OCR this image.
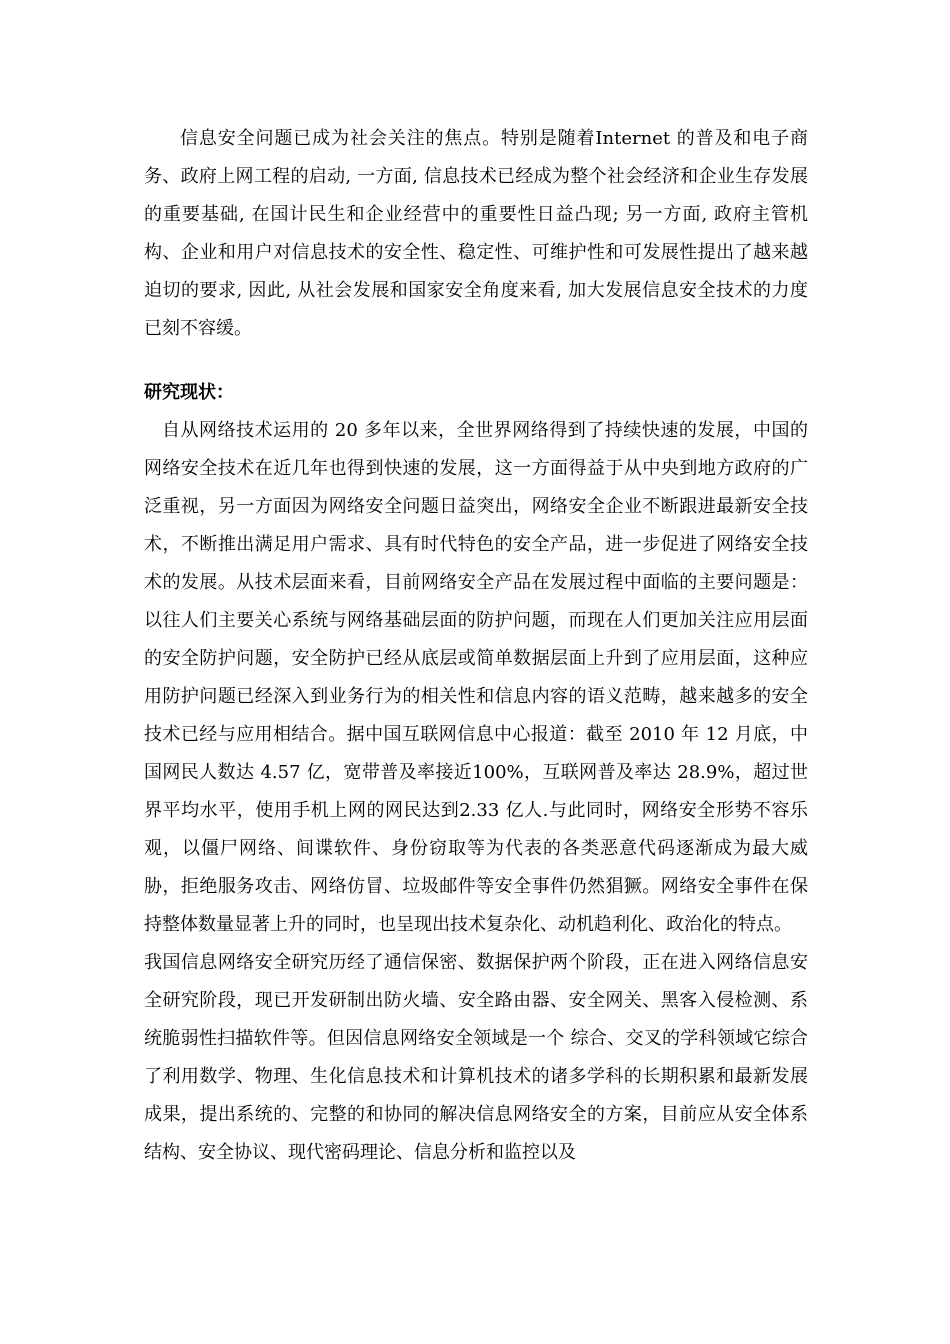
信息安全问题已成为社会关注的焦点。特别是随着Internet 的普及和电子商务、政府上网工程的启动, 一方面, 信息技术已经成为整个社会经济和企业生存发展的重要基础, 在国计民生和企业经营中的重要性日益凸现; 另一方面, 政府主管机构、企业和用户对信息技术的安全性、稳定性、可维护性和可发展性提出了越来越迫切的要求, 因此, 从社会发展和国家安全角度来看, 加大发展信息安全技术的力度已刻不容缓。

研究现状：

自从网络技术运用的 20 多年以来，全世界网络得到了持续快速的发展，中国的网络安全技术在近几年也得到快速的发展，这一方面得益于从中央到地方政府的广泛重视，另一方面因为网络安全问题日益突出，网络安全企业不断跟进最新安全技术，不断推出满足用户需求、具有时代特色的安全产品，进一步促进了网络安全技术的发展。从技术层面来看，目前网络安全产品在发展过程中面临的主要问题是：以往人们主要关心系统与网络基础层面的防护问题，而现在人们更加关注应用层面的安全防护问题，安全防护已经从底层或简单数据层面上升到了应用层面，这种应用防护问题已经深入到业务行为的相关性和信息内容的语义范畴，越来越多的安全技术已经与应用相结合。据中国互联网信息中心报道：截至 2010 年 12 月底，中国网民人数达 4.57 亿，宽带普及率接近100%，互联网普及率达 28.9%，超过世界平均水平，使用手机上网的网民达到2.33 亿人.与此同时，网络安全形势不容乐观，以僵尸网络、间谍软件、身份窃取等为代表的各类恶意代码逐渐成为最大威胁，拒绝服务攻击、网络仿冒、垃圾邮件等安全事件仍然猖獗。网络安全事件在保持整体数量显著上升的同时，也呈现出技术复杂化、动机趋利化、政治化的特点。

我国信息网络安全研究历经了通信保密、数据保护两个阶段，正在进入网络信息安全研究阶段，现已开发研制出防火墙、安全路由器、安全网关、黑客入侵检测、系统脆弱性扫描软件等。但因信息网络安全领域是一个 综合、交叉的学科领域它综合了利用数学、物理、生化信息技术和计算机技术的诸多学科的长期积累和最新发展成果，提出系统的、完整的和协同的解决信息网络安全的方案，目前应从安全体系结构、安全协议、现代密码理论、信息分析和监控以及
